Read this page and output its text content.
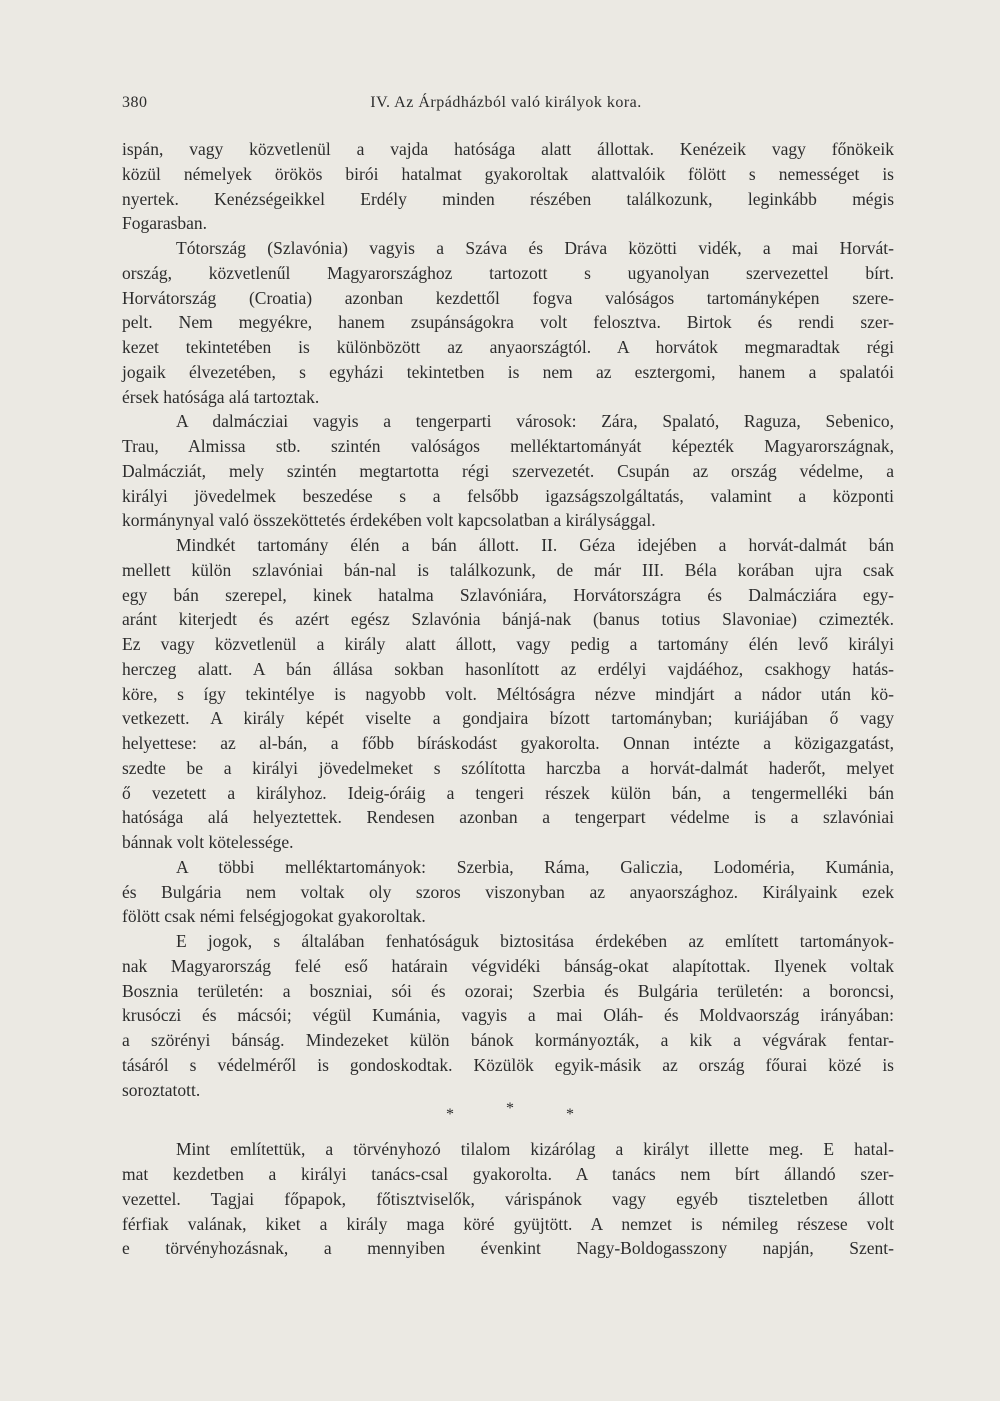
380	IV. Az Árpádházból való királyok kora.
ispán, vagy közvetlenül a vajda hatósága alatt állottak. Kenézeik vagy főnökeik
közül némelyek örökös birói hatalmat gyakoroltak alattvalóik fölött s nemességet is
nyertek. Kenézségeikkel Erdély minden részében találkozunk, leginkább mégis
Fogarasban.
Tótország (Szlavónia) vagyis a Száva és Dráva közötti vidék, a mai Horvát-
ország, közvetlenűl Magyarországhoz tartozott s ugyanolyan szervezettel bírt.
Horvátország (Croatia) azonban kezdettől fogva valóságos tartományképen szere-
pelt. Nem megyékre, hanem zsupánságokra volt felosztva. Birtok és rendi szer-
kezet tekintetében is különbözött az anyaországtól. A horvátok megmaradtak régi
jogaik élvezetében, s egyházi tekintetben is nem az esztergomi, hanem a spalatói
érsek hatósága alá tartoztak.
A dalmácziai vagyis a tengerparti városok: Zára, Spalató, Raguza, Sebenico,
Trau, Almissa stb. szintén valóságos melléktartományát képezték Magyarországnak,
Dalmácziát, mely szintén megtartotta régi szervezetét. Csupán az ország védelme, a
királyi jövedelmek beszedése s a felsőbb igazságszolgáltatás, valamint a központi
kormánynyal való összeköttetés érdekében volt kapcsolatban a királysággal.
Mindkét tartomány élén a bán állott. II. Géza idejében a horvát-dalmát bán
mellett külön szlavóniai bán-nal is találkozunk, de már III. Béla korában ujra csak
egy bán szerepel, kinek hatalma Szlavóniára, Horvátországra és Dalmácziára egy-
aránt kiterjedt és azért egész Szlavónia bánjá-nak (banus totius Slavoniae) czimezték.
Ez vagy közvetlenül a király alatt állott, vagy pedig a tartomány élén levő királyi
herczeg alatt. A bán állása sokban hasonlított az erdélyi vajdáéhoz, csakhogy hatás-
köre, s így tekintélye is nagyobb volt. Méltóságra nézve mindjárt a nádor után kö-
vetkezett. A király képét viselte a gondjaira bízott tartományban; kuriájában ő vagy
helyettese: az al-bán, a főbb bíráskodást gyakorolta. Onnan intézte a közigazgatást,
szedte be a királyi jövedelmeket s szólította harczba a horvát-dalmát haderőt, melyet
ő vezetett a királyhoz. Ideig-óráig a tengeri részek külön bán, a tengermelléki bán
hatósága alá helyeztettek. Rendesen azonban a tengerpart védelme is a szlavóniai
bánnak volt kötelessége.
A többi melléktartományok: Szerbia, Ráma, Galiczia, Lodoméria, Kumánia,
és Bulgária nem voltak oly szoros viszonyban az anyaországhoz. Királyaink ezek
fölött csak némi felségjogokat gyakoroltak.
E jogok, s általában fenhatóságuk biztositása érdekében az említett tartományok-
nak Magyarország felé eső határain végvidéki bánság-okat alapítottak. Ilyenek voltak
Bosznia területén: a boszniai, sói és ozorai; Szerbia és Bulgária területén: a boroncsi,
krusóczi és mácsói; végül Kumánia, vagyis a mai Oláh- és Moldvaország irányában:
a szörényi bánság. Mindezeket külön bánok kormányozták, a kik a végvárak fentar-
tásáról s védelméről is gondoskodtak. Közülök egyik-másik az ország főurai közé is
soroztatott.
*	*	*
Mint említettük, a törvényhozó tilalom kizárólag a királyt illette meg. E hatal-
mat kezdetben a királyi tanács-csal gyakorolta. A tanács nem bírt állandó szer-
vezettel. Tagjai főpapok, főtisztviselők, várispánok vagy egyéb tiszteletben állott
férfiak valának, kiket a király maga köré gyüjtött. A nemzet is némileg részese volt
e törvényhozásnak, a mennyiben évenkint Nagy-Boldogasszony napján, Szent-
